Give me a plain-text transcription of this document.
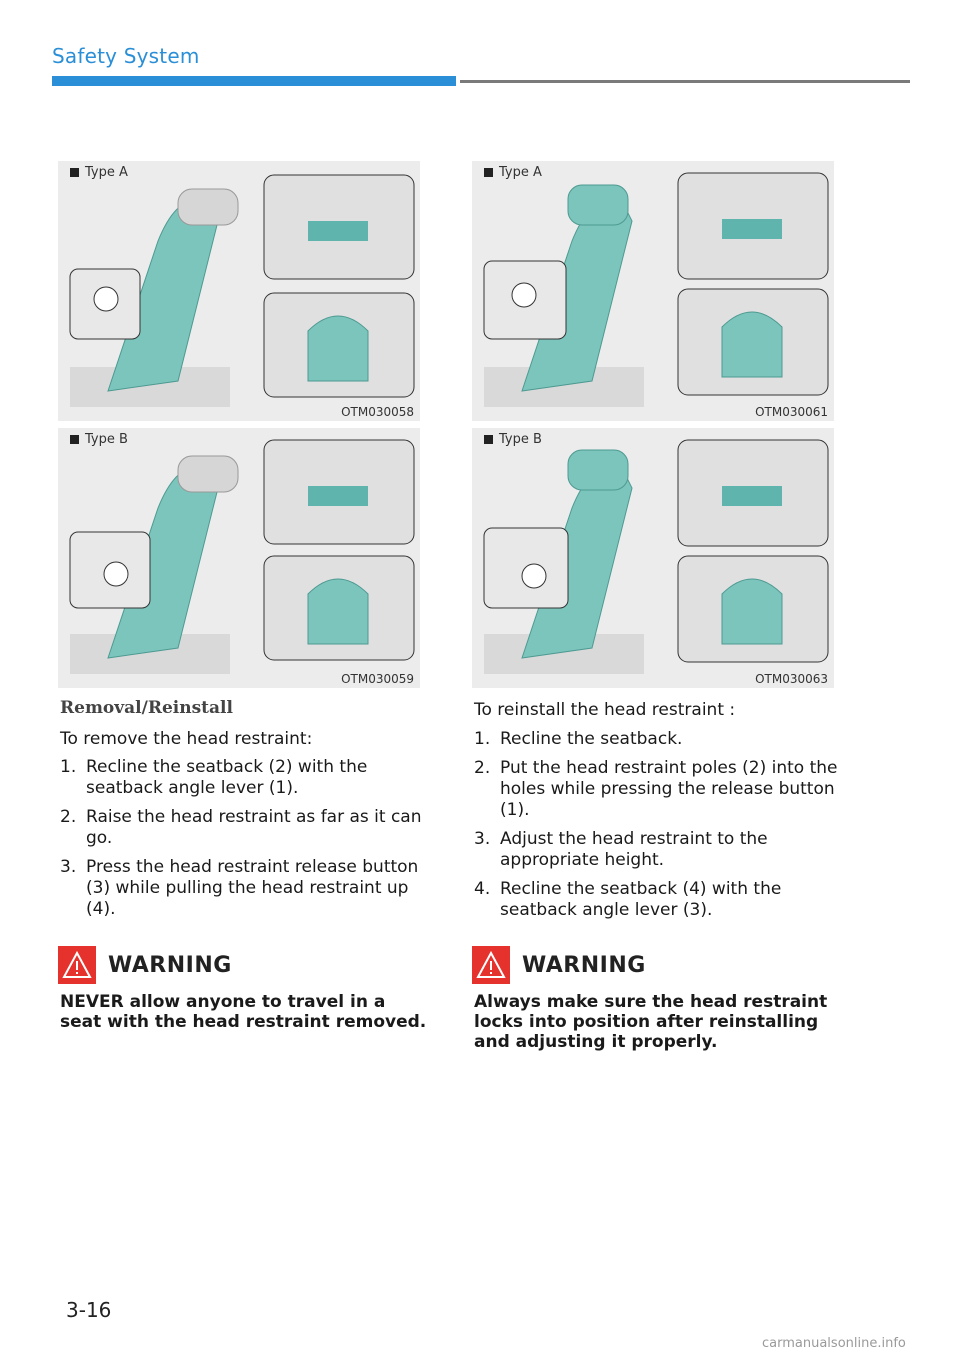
Safety System
Type A
OTM030058
Type B
OTM030059
Type A
OTM030061
Type B
OTM030063
Removal/Reinstall
To remove the head restraint:
1. Recline the seatback (2) with the seatback angle lever (1).
2. Raise the head restraint as far as it can go.
3. Press the head restraint release button (3) while pulling the head restraint up (4).
WARNING
NEVER allow anyone to travel in a seat with the head restraint removed.
To reinstall the head restraint :
1. Recline the seatback.
2. Put the head restraint poles (2) into the holes while pressing the release button (1).
3. Adjust the head restraint to the appropriate height.
4. Recline the seatback (4) with the seatback angle lever (3).
WARNING
Always make sure the head restraint locks into position after reinstalling and adjusting it properly.
3-16
carmanualsonline.info
